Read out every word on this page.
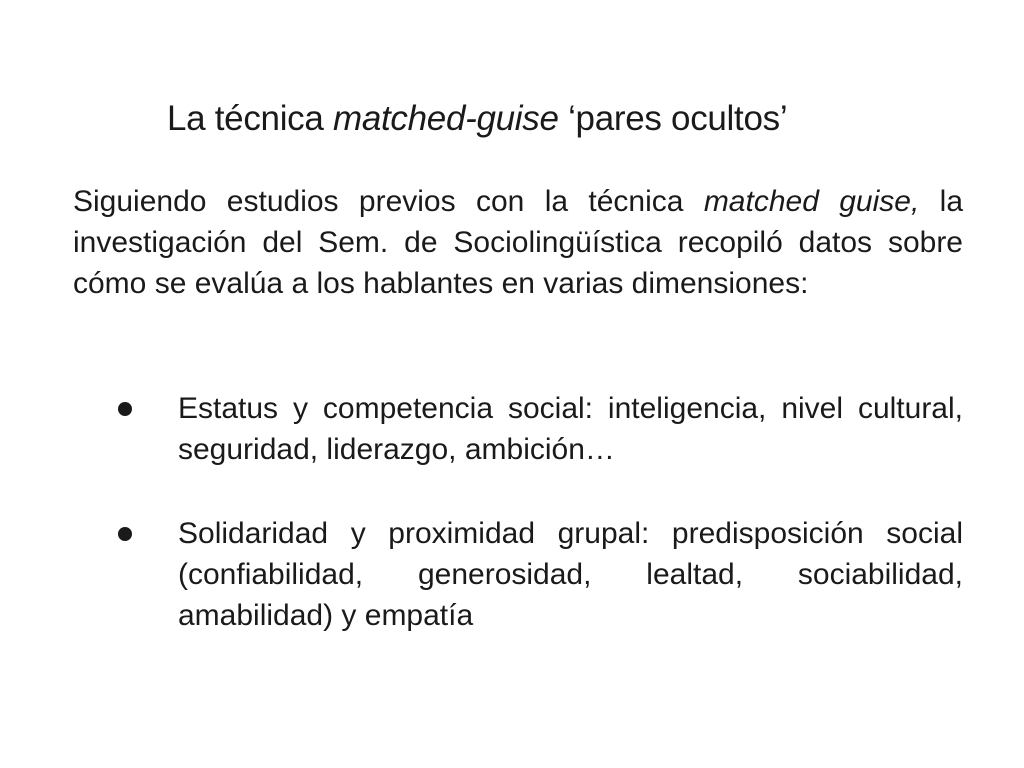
La técnica matched-guise ‘pares ocultos’

Siguiendo estudios previos con la técnica matched guise, la investigación del Sem. de Sociolingüística recopiló datos sobre cómo se evalúa a los hablantes en varias dimensiones:

Estatus y competencia social: inteligencia, nivel cultural, seguridad, liderazgo, ambición…
Solidaridad y proximidad grupal: predisposición social (confiabilidad, generosidad, lealtad, sociabilidad, amabilidad) y empatía
